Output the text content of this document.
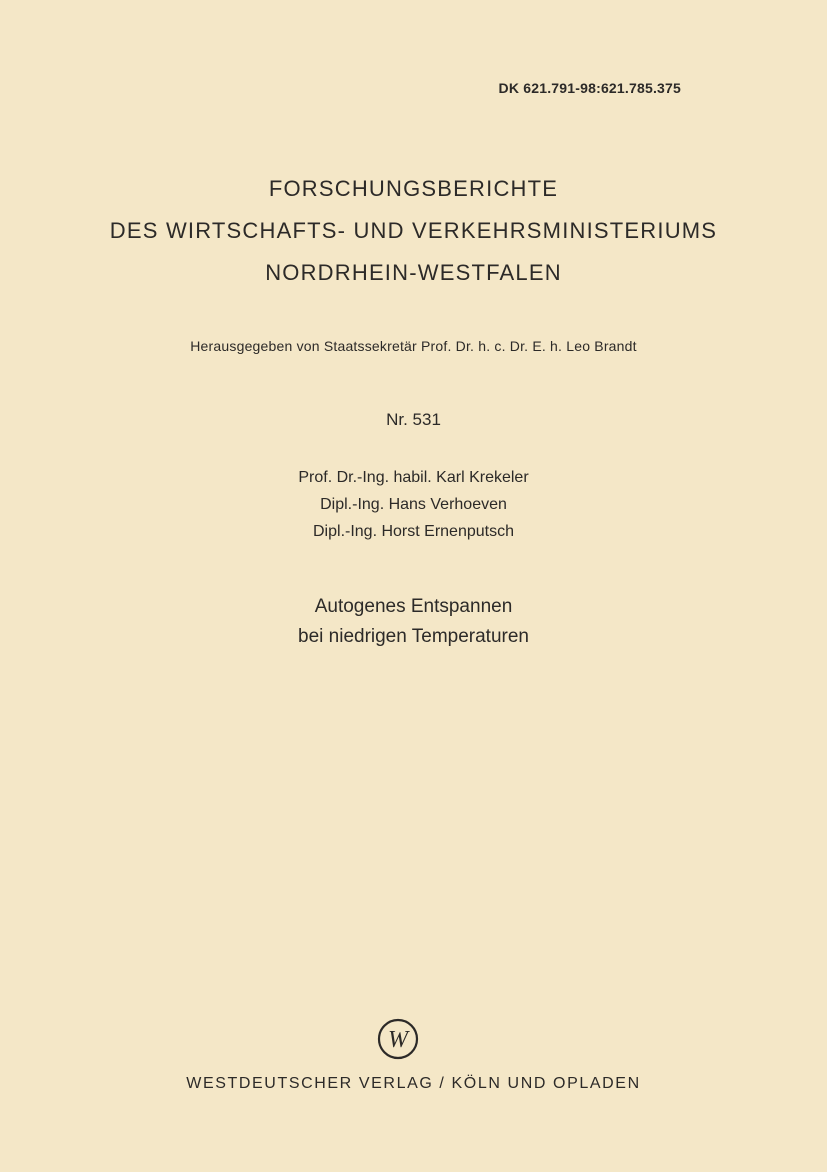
DK 621.791-98:621.785.375
FORSCHUNGSBERICHTE
DES WIRTSCHAFTS- UND VERKEHRSMINISTERIUMS
NORDRHEIN-WESTFALEN
Herausgegeben von Staatssekretär Prof. Dr. h. c. Dr. E. h. Leo Brandt
Nr. 531
Prof. Dr.-Ing. habil. Karl Krekeler
Dipl.-Ing. Hans Verhoeven
Dipl.-Ing. Horst Ernenputsch
Autogenes Entspannen
bei niedrigen Temperaturen
W
WESTDEUTSCHER VERLAG / KÖLN UND OPLADEN
